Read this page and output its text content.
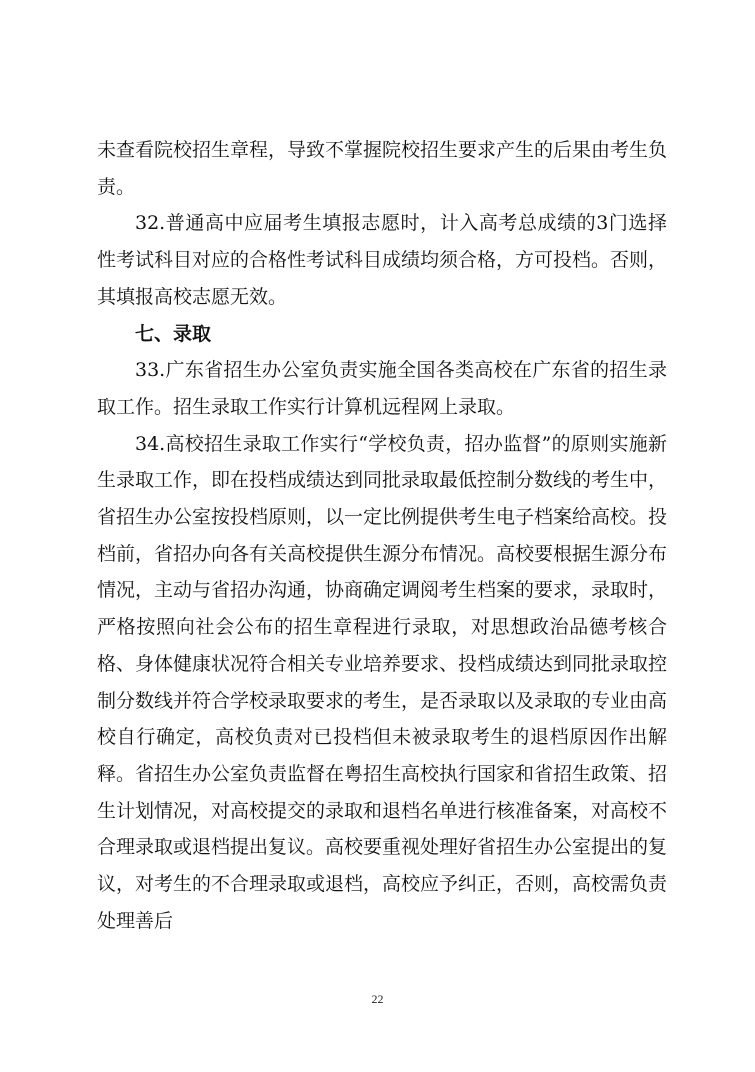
未查看院校招生章程，导致不掌握院校招生要求产生的后果由考生负责。

32.普通高中应届考生填报志愿时，计入高考总成绩的3门选择性考试科目对应的合格性考试科目成绩均须合格，方可投档。否则，其填报高校志愿无效。

七、录取

33.广东省招生办公室负责实施全国各类高校在广东省的招生录取工作。招生录取工作实行计算机远程网上录取。

34.高校招生录取工作实行“学校负责，招办监督”的原则实施新生录取工作，即在投档成绩达到同批录取最低控制分数线的考生中，省招生办公室按投档原则，以一定比例提供考生电子档案给高校。投档前，省招办向各有关高校提供生源分布情况。高校要根据生源分布情况，主动与省招办沟通，协商确定调阅考生档案的要求，录取时，严格按照向社会公布的招生章程进行录取，对思想政治品德考核合格、身体健康状况符合相关专业培养要求、投档成绩达到同批录取控制分数线并符合学校录取要求的考生，是否录取以及录取的专业由高校自行确定，高校负责对已投档但未被录取考生的退档原因作出解释。省招生办公室负责监督在粤招生高校执行国家和省招生政策、招生计划情况，对高校提交的录取和退档名单进行核准备案，对高校不合理录取或退档提出复议。高校要重视处理好省招生办公室提出的复议，对考生的不合理录取或退档，高校应予纠正，否则，高校需负责处理善后

22
